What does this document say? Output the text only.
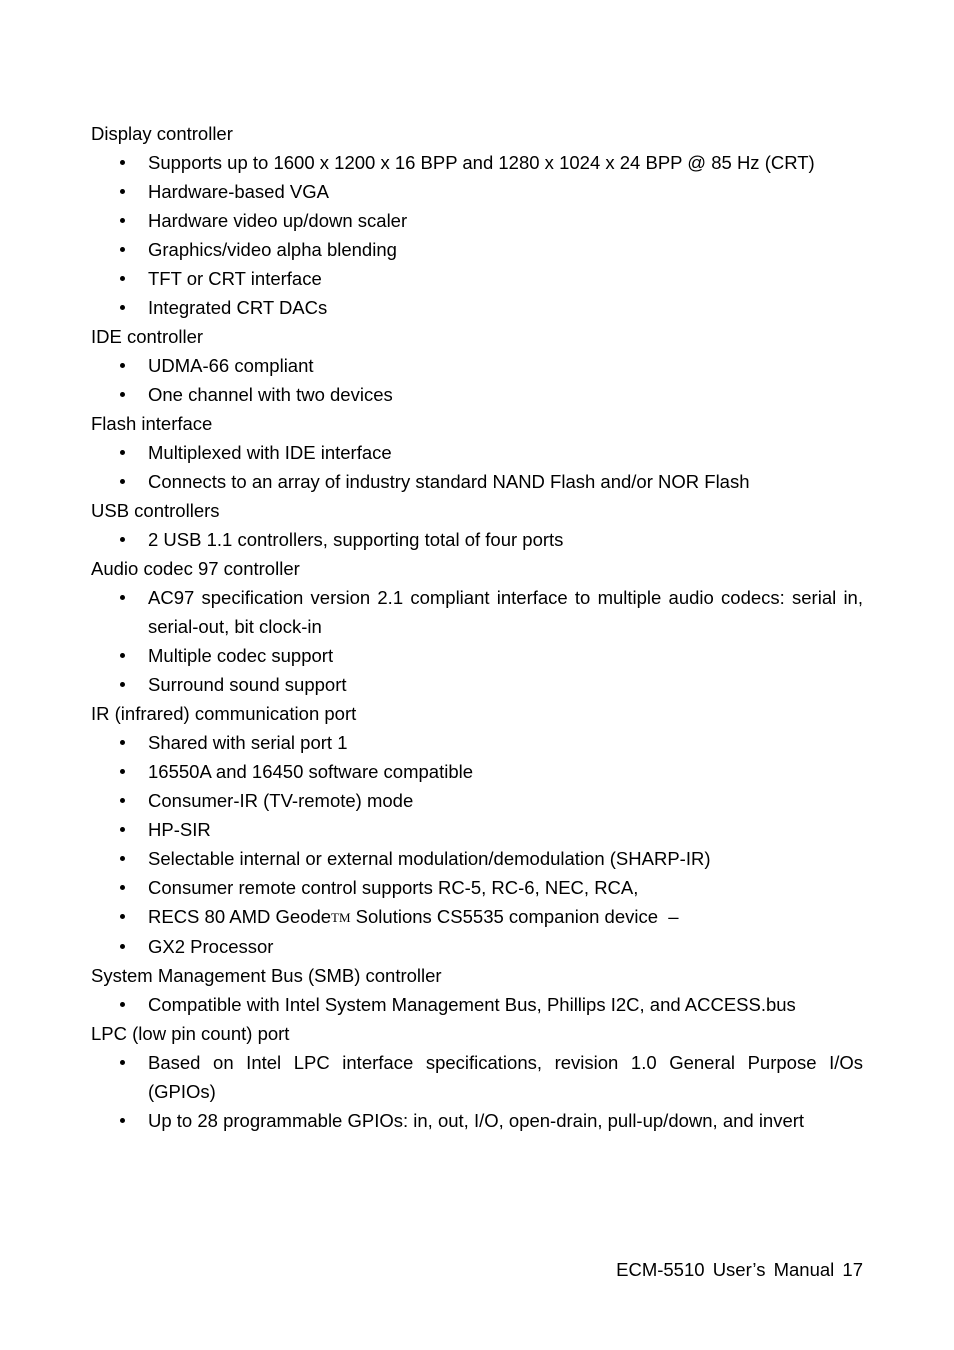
Display controller
Supports up to 1600 x 1200 x 16 BPP and 1280 x 1024 x 24 BPP @ 85 Hz (CRT)
Hardware-based VGA
Hardware video up/down scaler
Graphics/video alpha blending
TFT or CRT interface
Integrated CRT DACs
IDE controller
UDMA-66 compliant
One channel with two devices
Flash interface
Multiplexed with IDE interface
Connects to an array of industry standard NAND Flash and/or NOR Flash
USB controllers
2 USB 1.1 controllers, supporting total of four ports
Audio codec 97 controller
AC97 specification version 2.1 compliant interface to multiple audio codecs: serial in,
serial-out, bit clock-in
Multiple codec support
Surround sound support
IR (infrared) communication port
Shared with serial port 1
16550A and 16450 software compatible
Consumer-IR (TV-remote) mode
HP-SIR
Selectable internal or external modulation/demodulation (SHARP-IR)
Consumer remote control supports RC-5, RC-6, NEC, RCA,
RECS 80 AMD GeodeTM Solutions CS5535 companion device  –
GX2 Processor
System Management Bus (SMB) controller
Compatible with Intel System Management Bus, Phillips I2C, and ACCESS.bus
LPC (low pin count) port
Based on Intel LPC interface specifications, revision 1.0 General Purpose I/Os
(GPIOs)
Up to 28 programmable GPIOs: in, out, I/O, open-drain, pull-up/down, and invert
ECM-5510 User’s Manual 17
